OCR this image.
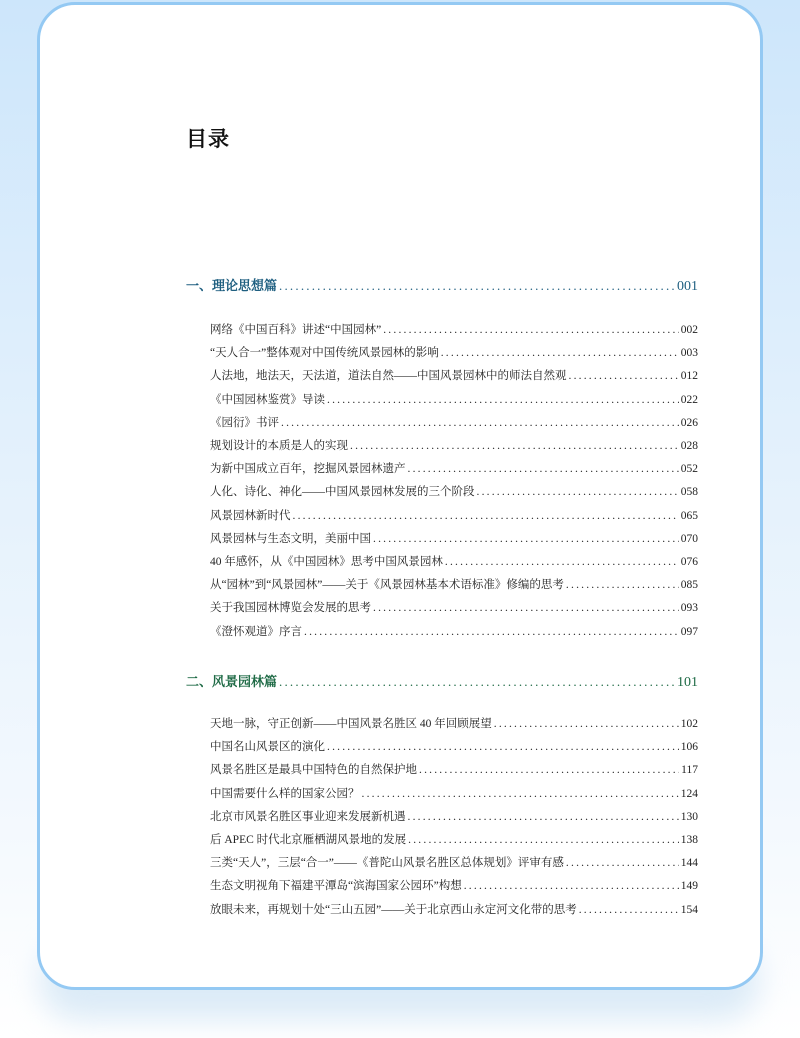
目录
一、理论思想篇 .....	001
网络《中国百科》讲述“中国园林” .....	002
“天人合一”整体观对中国传统风景园林的影响 .....	003
人法地，地法天，天法道，道法自然——中国风景园林中的师法自然观 .....	012
《中国园林鉴赏》导读 .....	022
《园衍》书评 .....	026
规划设计的本质是人的实现 .....	028
为新中国成立百年，挖掘风景园林遗产 .....	052
人化、诗化、神化——中国风景园林发展的三个阶段 .....	058
风景园林新时代 .....	065
风景园林与生态文明，美丽中国 .....	070
40 年感怀，从《中国园林》思考中国风景园林 .....	076
从“园林”到“风景园林”——关于《风景园林基本术语标准》修编的思考 .....	085
关于我国园林博览会发展的思考 .....	093
《澄怀观道》序言 .....	097
二、风景园林篇 .....	101
天地一脉，守正创新——中国风景名胜区 40 年回顾展望 .....	102
中国名山风景区的演化 .....	106
风景名胜区是最具中国特色的自然保护地 .....	117
中国需要什么样的国家公园？ .....	124
北京市风景名胜区事业迎来发展新机遇 .....	130
后 APEC 时代北京雁栖湖风景地的发展 .....	138
三类“天人”，三层“合一”——《普陀山风景名胜区总体规划》评审有感 .....	144
生态文明视角下福建平潭岛“滨海国家公园环”构想 .....	149
放眼未来，再规划十处“三山五园”——关于北京西山永定河文化带的思考 .....	154
